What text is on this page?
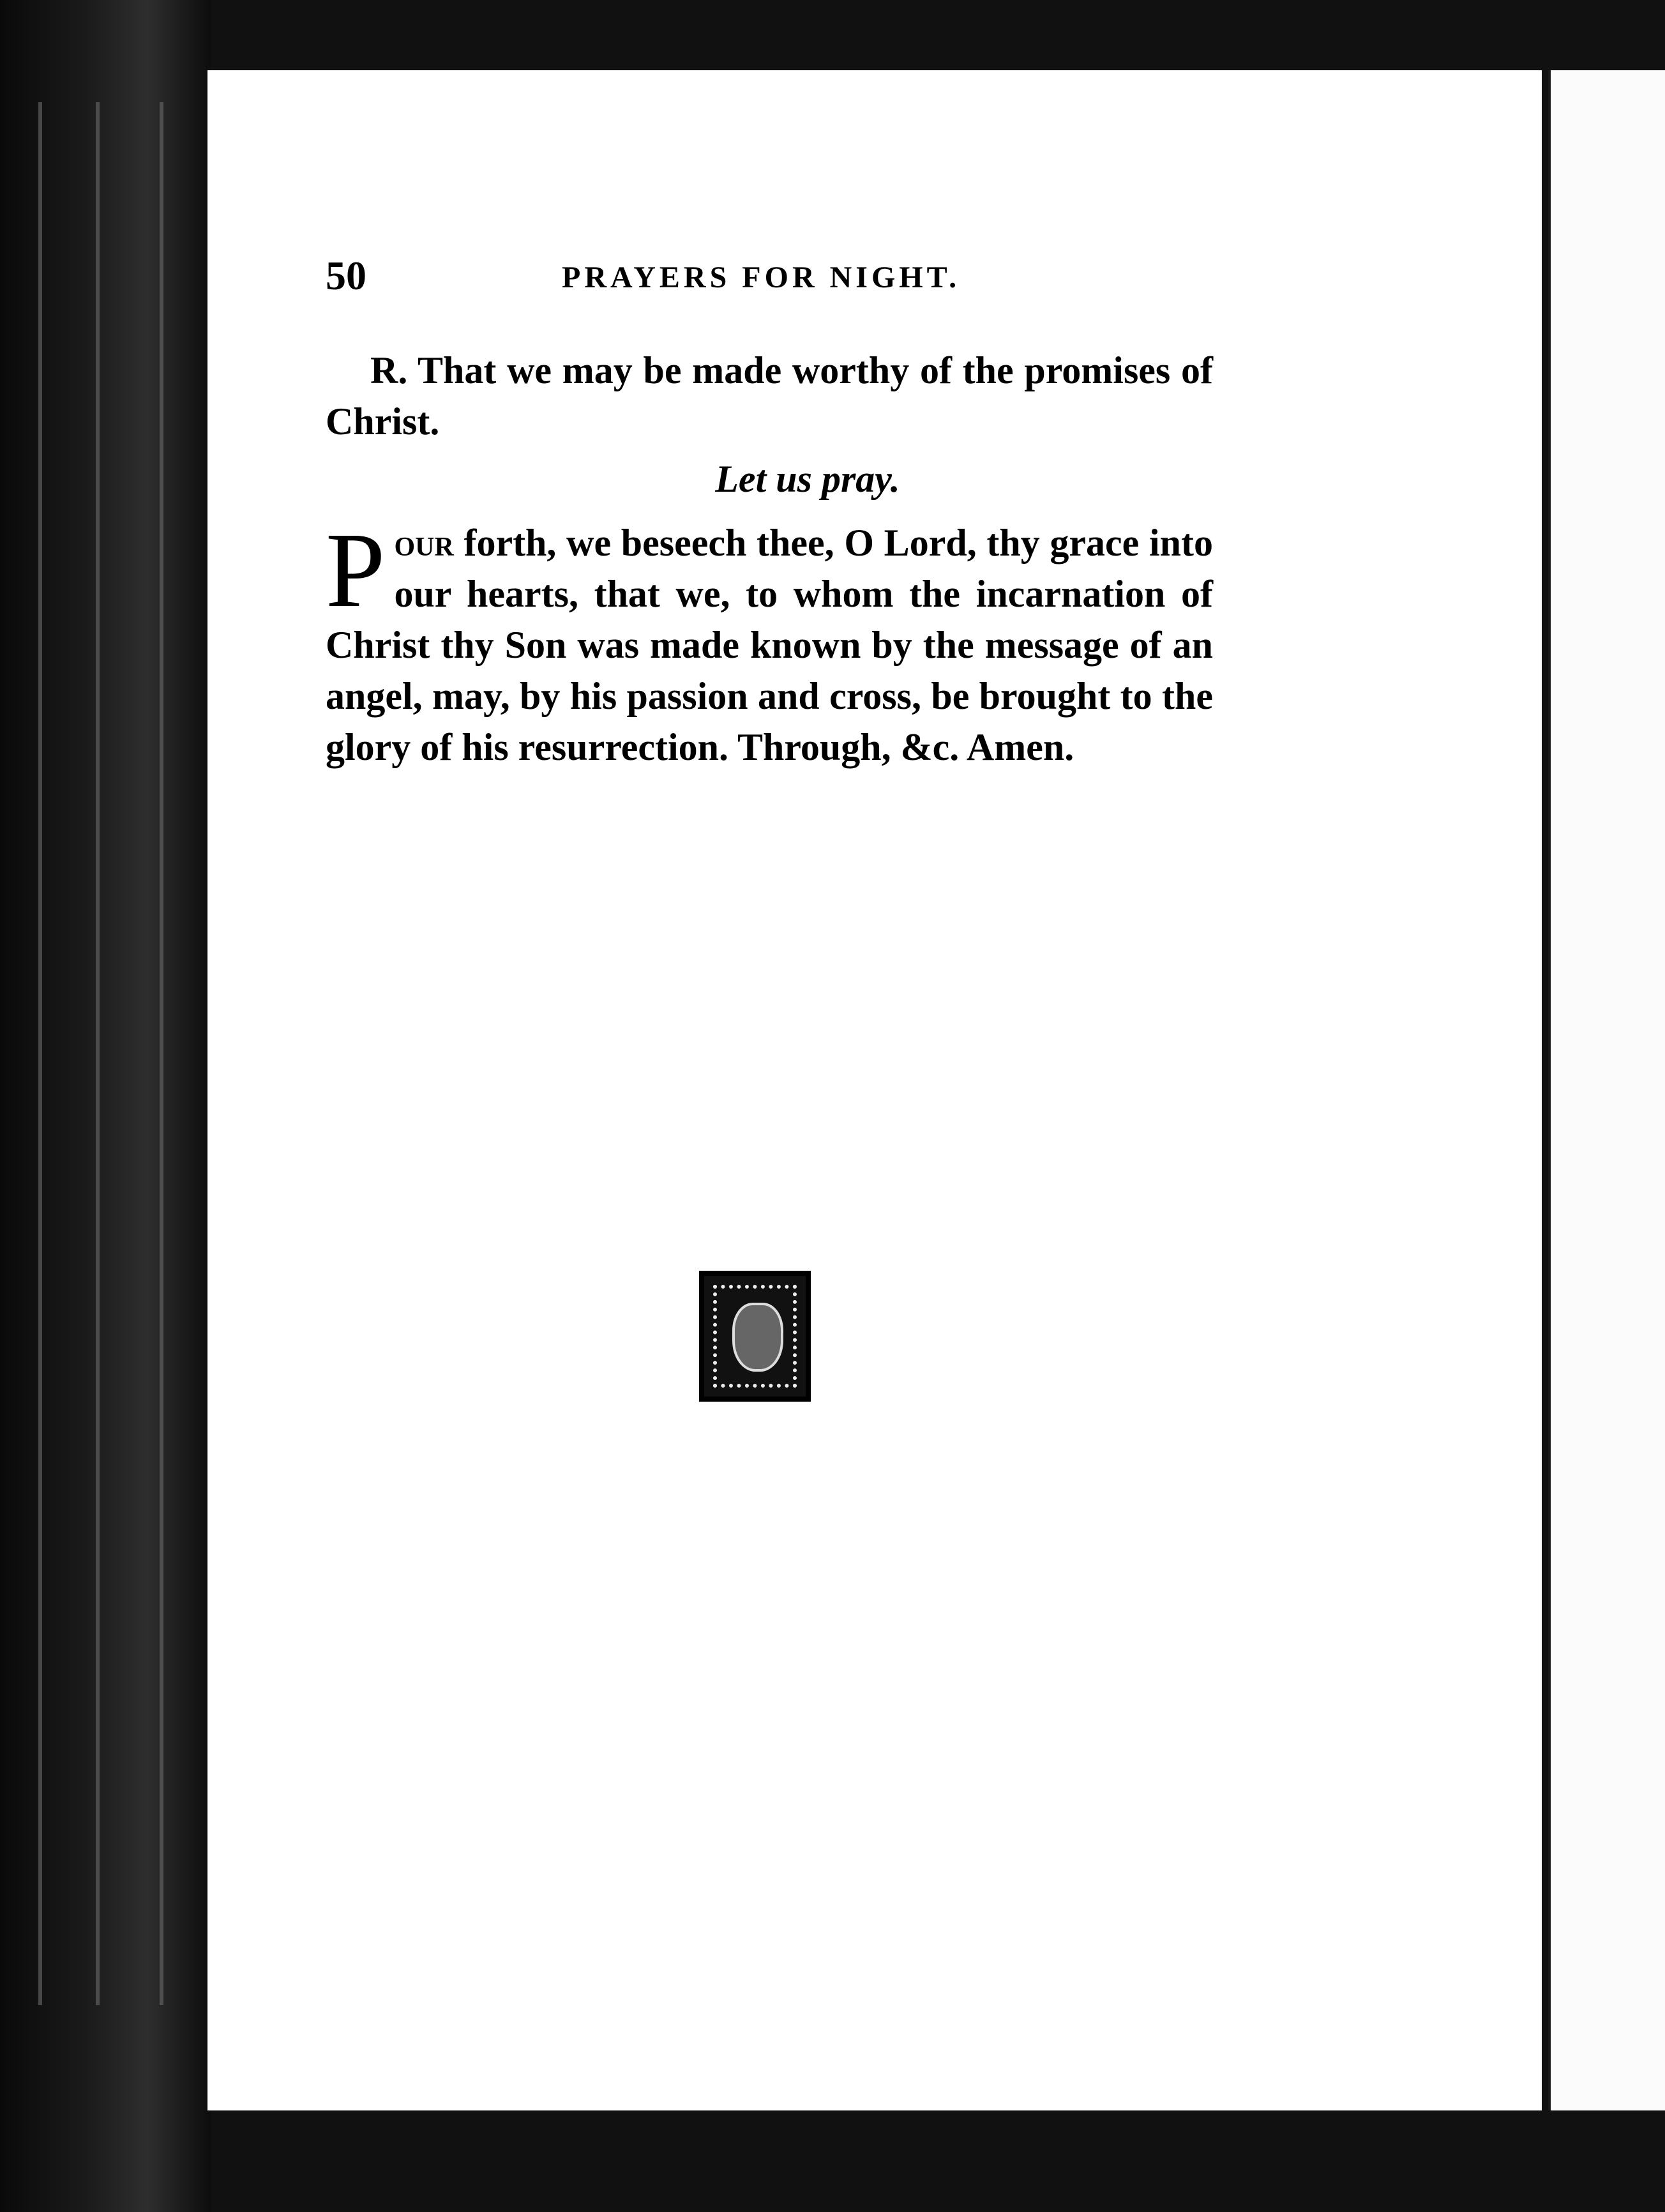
50	PRAYERS FOR NIGHT.

R. That we may be made worthy of the promises of Christ.

Let us pray.

Pour forth, we beseech thee, O Lord, thy grace into our hearts, that we, to whom the incarnation of Christ thy Son was made known by the message of an angel, may, by his passion and cross, be brought to the glory of his resurrection. Through, &c. Amen.
